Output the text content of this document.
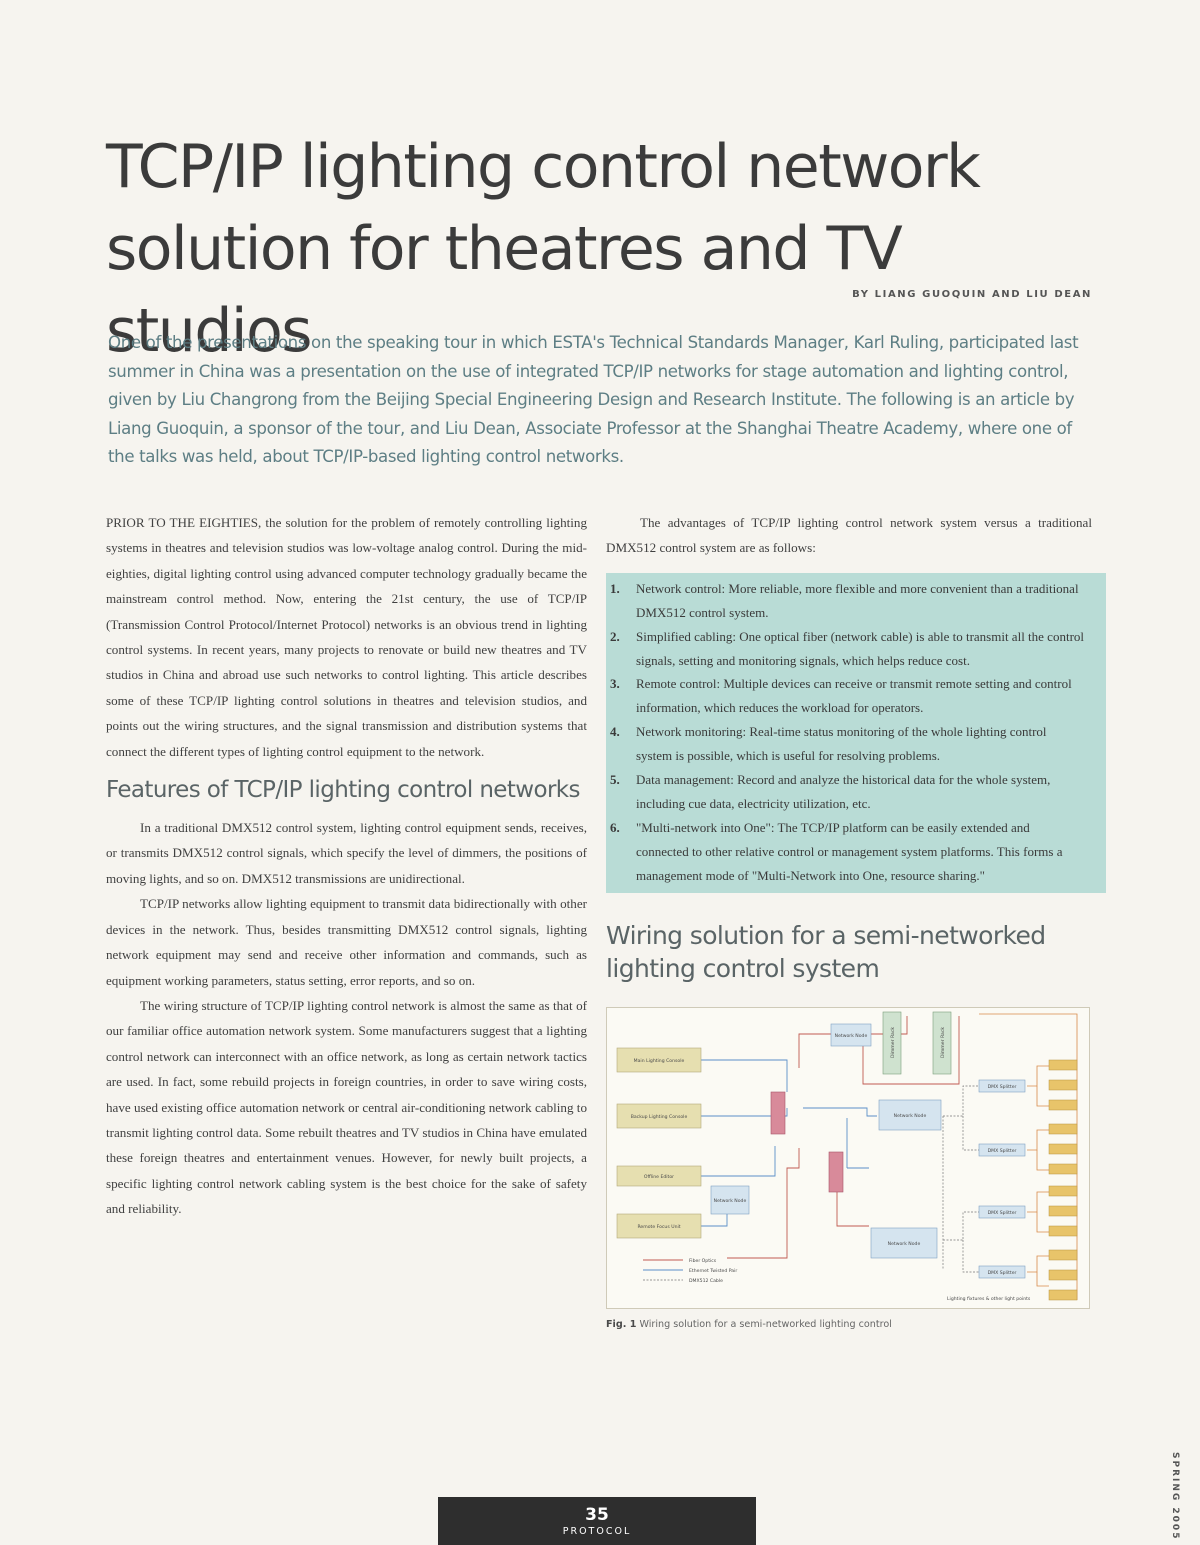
TCP/IP lighting control network
solution for theatres and TV studios
BY LIANG GUOQUIN AND LIU DEAN

One of the presentations on the speaking tour in which ESTA's Technical Standards Manager, Karl Ruling, participated last summer in China was a presentation on the use of integrated TCP/IP networks for stage automation and lighting control, given by Liu Changrong from the Beijing Special Engineering Design and Research Institute. The following is an article by Liang Guoquin, a sponsor of the tour, and Liu Dean, Associate Professor at the Shanghai Theatre Academy, where one of the talks was held, about TCP/IP-based lighting control networks.

PRIOR TO THE EIGHTIES, the solution for the problem of remotely controlling lighting systems in theatres and television studios was low-voltage analog control. During the mid-eighties, digital lighting control using advanced computer technology gradually became the mainstream control method. Now, entering the 21st century, the use of TCP/IP (Transmission Control Protocol/Internet Protocol) networks is an obvious trend in lighting control systems. In recent years, many projects to renovate or build new theatres and TV studios in China and abroad use such networks to control lighting. This article describes some of these TCP/IP lighting control solutions in theatres and television studios, and points out the wiring structures, and the signal transmission and distribution systems that connect the different types of lighting control equipment to the network.

Features of TCP/IP lighting control networks

In a traditional DMX512 control system, lighting control equipment sends, receives, or transmits DMX512 control signals, which specify the level of dimmers, the positions of moving lights, and so on. DMX512 transmissions are unidirectional.

TCP/IP networks allow lighting equipment to transmit data bidirectionally with other devices in the network. Thus, besides transmitting DMX512 control signals, lighting network equipment may send and receive other information and commands, such as equipment working parameters, status setting, error reports, and so on.

The wiring structure of TCP/IP lighting control network is almost the same as that of our familiar office automation network system. Some manufacturers suggest that a lighting control network can interconnect with an office network, as long as certain network tactics are used. In fact, some rebuild projects in foreign countries, in order to save wiring costs, have used existing office automation network or central air-conditioning network cabling to transmit lighting control data. Some rebuilt theatres and TV studios in China have emulated these foreign theatres and entertainment venues. However, for newly built projects, a specific lighting control network cabling system is the best choice for the sake of safety and reliability.

The advantages of TCP/IP lighting control network system versus a traditional DMX512 control system are as follows:

1.	Network control: More reliable, more flexible and more convenient than a traditional DMX512 control system.
2.	Simplified cabling: One optical fiber (network cable) is able to transmit all the control signals, setting and monitoring signals, which helps reduce cost.
3.	Remote control: Multiple devices can receive or transmit remote setting and control information, which reduces the workload for operators.
4.	Network monitoring: Real-time status monitoring of the whole lighting control system is possible, which is useful for resolving problems.
5.	Data management: Record and analyze the historical data for the whole system, including cue data, electricity utilization, etc.
6.	"Multi-network into One": The TCP/IP platform can be easily extended and connected to other relative control or management system platforms. This forms a management mode of "Multi-Network into One, resource sharing."
Wiring solution for a semi-networked
lighting control system
Main Lighting Console
Backup Lighting Console
Offline Editor
Remote Focus Unit
Network Node
Network Node
Network Node
Network Node
Dimmer Rack	Dimmer Rack
DMX Splitter
DMX Splitter
DMX Splitter
DMX Splitter
Fiber Optics
Ethernet Twisted Pair
DMX512 Cable
Lighting fixtures & other light points
Fig. 1 Wiring solution for a semi-networked lighting control
35
PROTOCOL	SPRING 2005
